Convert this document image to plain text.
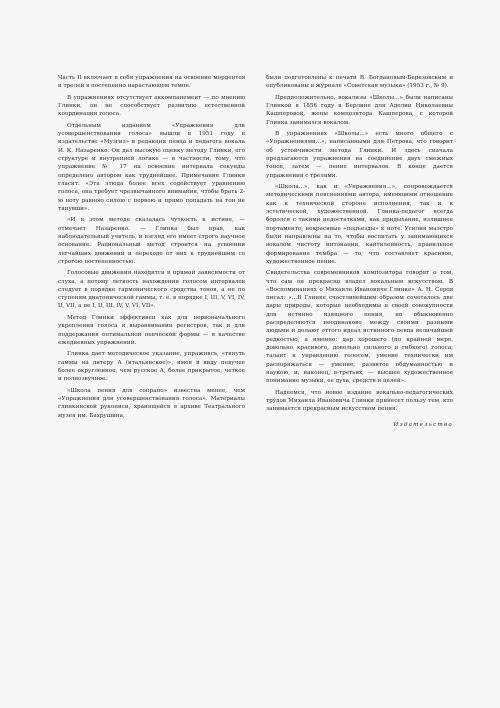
Часть II включает в себя упражнения на освоение мордентов и трелей в постепенно нарастающем темпе.

В упражнениях отсутствует аккомпанемент — по мнению Глинки, он не способствует развитию естественной координации голоса.

Отдельным изданием «Упражнения для усовершенствования голоса» вышли в 1951 году в издательстве «Музгиз» в редакции певца и педагога вокала И. К. Назаренко. Он дал высокую оценку методу Глинки, его структуре и внутренней логике — в частности, тому, что упражнение № 17 на освоение интервала секунды определено автором как труднейшее. Примечание Глинки гласит: «Эта этюда более всех содействует уравнению голоса, она требует чрезвычайного внимания, чтобы брать 2-ю ноту равною силою с первою и прямо попадать на тон не тянувши».

«И в этом методе сказалась чуткость к истине, — отмечает Назаренко. — Глинка был прав, как наблюдательный учитель, и взгляд его имеет строго научное основание. Рациональный метод строится на усвоении легчайших движений и переходе от них к труднейшим со строгою постепенностью.

Голосовые движения находятся в прямой зависимости от слуха, а потому легкость нахождения голосом интервалов следует в порядке гармонического сродства тонов, а не по ступеням диатонической гаммы, т. е. в порядке I, III, V, VI, IV, II, VII, а не I, II, III, IV, V, VI, VII».

Метод Глинки эффективен как для первоначального укрепления голоса и выравнивания регистров, так и для поддержания оптимальной певческой формы — в качестве ежедневных упражнений.

Глинка дает методическое указание, упражнясь, «тянуть гаммы на литеру А (итальянское)», имея в виду певучее более округленное, чем русское А, более прикрытое, четкое и полнозвучное.

«Школа пения для сопрано» известна менее, чем «Упражнения для усовершенствования голоса». Материалы глинкинской рукописи, хранящейся в архиве Театрального музея им. Бахрушина,

были подготовлены к печати В. Богдановым-Березовским и опубликованы в журнале «Советская музыка» (1953 г., № 9).

Предположительно, вокализы «Школы...» были написаны Глинкой в 1856 году в Берлине для Аделии Николаевны Кашперовой, жены композитора Кашперова, с которой Глинка занимался вокалом.

В упражнениях «Школы...» есть много общего с «Упражнениями...», написанными для Петрова, что говорит об устойчивости метода Глинки. И здесь сначала предлагаются упражнения на соединение двух смежных тонов, затем — пение интервалов. В конце дается упражнения с трелями.

«Школа...», как и «Упражнения...», сопровождается методическими пояснениями автора, имеющими отношение как к технической стороне исполнения, так и к эстетической, художественной. Глинка-педагог всегда боролся с такими недостатками, как придыхание, излишнее портаменто, некрасивые «подъезды» к ноте. Усилия маэстро были направлены на то, чтобы воспитать у занимающихся вокалом чистоту интонации, кантиленность, правильное формирование тембра — то, что составляет красивое, художественное пение.

Свидетельства современников композитора говорят о том, что сам он прекрасно владел вокальным искусством. В «Воспоминаниях о Михаиле Ивановиче Глинке» А. Н. Серов писал: «...В Глинке счастливейшим образом сочеталось две дары природы, которые необходимы в своей совокупности для истинно изящного пения, но обыкновенно распределяются неодинаково между своими разными людьми и делают оттого идеал истинного певца величайшей редкостью, а именно: дар хорошего (по крайней мере, довольно красивого, довольно сильного и гибкого) голоса; талант к управлению голосом, умение технически им распоряжаться — умение, развитое обдуманностью и наукою, и, наконец, в-третьих, — высшее художественное понимание музыки, ее духа, средств и целей».

Надеемся, что новое издание вокально-педагогических трудов Михаила Ивановича Глинки принесет пользу тем, кто занимается прекрасным искусством пения.

Издательство
